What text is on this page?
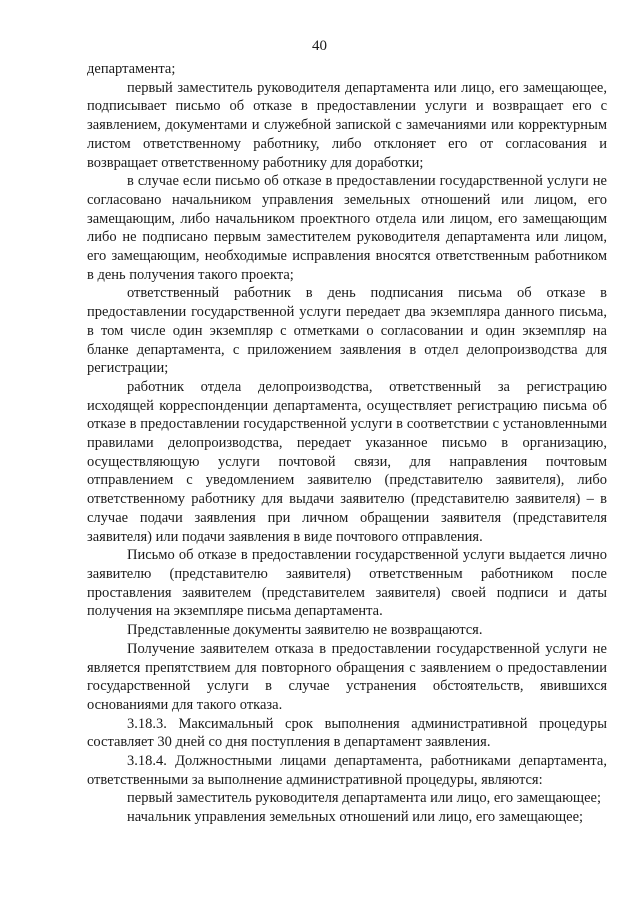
40

департамента;

первый заместитель руководителя департамента или лицо, его замещающее, подписывает письмо об отказе в предоставлении услуги и возвращает его с заявлением, документами и служебной запиской с замечаниями или корректурным листом ответственному работнику, либо отклоняет его от согласования и возвращает ответственному работнику для доработки;

в случае если письмо об отказе в предоставлении государственной услуги не согласовано начальником управления земельных отношений или лицом, его замещающим, либо начальником проектного отдела или лицом, его замещающим либо не подписано первым заместителем руководителя департамента или лицом, его замещающим, необходимые исправления вносятся ответственным работником в день получения такого проекта;

ответственный работник в день подписания письма об отказе в предоставлении государственной услуги передает два экземпляра данного письма, в том числе один экземпляр с отметками о согласовании и один экземпляр на бланке департамента, с приложением заявления в отдел делопроизводства для регистрации;

работник отдела делопроизводства, ответственный за регистрацию исходящей корреспонденции департамента, осуществляет регистрацию письма об отказе в предоставлении государственной услуги в соответствии с установленными правилами делопроизводства, передает указанное письмо в организацию, осуществляющую услуги почтовой связи, для направления почтовым отправлением с уведомлением заявителю (представителю заявителя), либо ответственному работнику для выдачи заявителю (представителю заявителя) – в случае подачи заявления при личном обращении заявителя (представителя заявителя) или подачи заявления в виде почтового отправления.

Письмо об отказе в предоставлении государственной услуги выдается лично заявителю (представителю заявителя) ответственным работником после проставления заявителем (представителем заявителя) своей подписи и даты получения на экземпляре письма департамента.

Представленные документы заявителю не возвращаются.

Получение заявителем отказа в предоставлении государственной услуги не является препятствием для повторного обращения с заявлением о предоставлении государственной услуги в случае устранения обстоятельств, явившихся основаниями для такого отказа.

3.18.3. Максимальный срок выполнения административной процедуры составляет 30 дней со дня поступления в департамент заявления.

3.18.4. Должностными лицами департамента, работниками департамента, ответственными за выполнение административной процедуры, являются:

первый заместитель руководителя департамента или лицо, его замещающее;

начальник управления земельных отношений или лицо, его замещающее;
